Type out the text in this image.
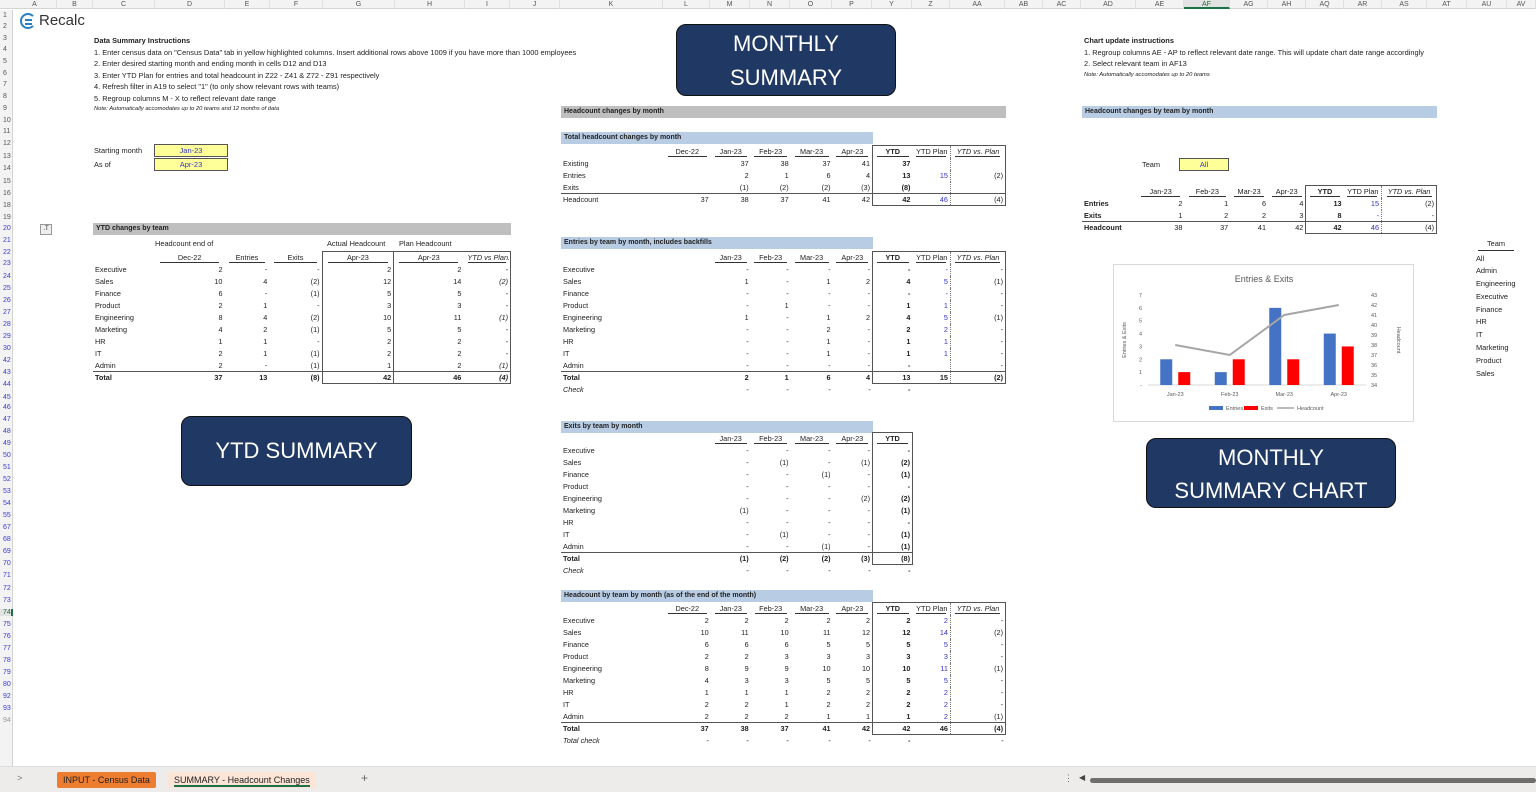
A	B	C	D	E	F	G	H	I	J	K	L	M	N	O	P	Y	Z	AA	AB	AC	AD	AE	AF	AG	AH	AQ	AR	AS	AT	AU	AV
1
2
3
4
5
6
7
8
9
10
11
12
13
14
15
16
18
19
20
21
22
23
24
25
26
27
28
29
30
42
43
44
45
46
47
48
49
50
51
52
53
54
55
67
68
69
70
71
72
73
74
75
76
77
78
79
80
92
93
94
Recalc
Data Summary Instructions
1. Enter census data on "Census Data" tab in yellow highlighted columns. Insert additional rows above 1009 if you have more than 1000 employees
2. Enter desired starting month and ending month in cells D12 and D13
3. Enter YTD Plan for entries and total headcount in Z22 - Z41 & Z72 - Z91 respectively
4. Refresh filter in A19 to select "1" (to only show relevant rows with teams)
5. Regroup columns M - X to reflect relevant date range
Note: Automatically accomodates up to 20 teams and 12 months of data
Starting month	Jan-23
As of	Apr-23
.T	YTD changes by team
Headcount end of	Actual Headcount Plan Headcount
	Dec-22	Entries	Exits	Apr-23	Apr-23	YTD vs Plan.
Executive	2	-	-	2	2	-
Sales	10	4	(2)	12	14	(2)
Finance	6	-	(1)	5	5	-
Product	2	1	-	3	3	-
Engineering	8	4	(2)	10	11	(1)
Marketing	4	2	(1)	5	5	-
HR	1	1	-	2	2	-
IT	2	1	(1)	2	2	-
Admin	2	-	(1)	1	2	(1)
Total	37	13	(8)	42	46	(4)
YTD SUMMARY
MONTHLY
SUMMARY
Headcount changes by month
Total headcount changes by month
	Dec-22	Jan-23	Feb-23	Mar-23	Apr-23	YTD	YTD Plan	YTD vs. Plan
Existing		37	38	37	41	37		
Entries		2	1	6	4	13	15	(2)
Exits		(1)	(2)	(2)	(3)	(8)		
Headcount	37	38	37	41	42	42	46	(4)
Entries by team by month, includes backfills
	Jan-23	Feb-23	Mar-23	Apr-23	YTD	YTD Plan	YTD vs. Plan
Executive	-	-	-	-	-	-	-
Sales	1	-	1	2	4	5	(1)
Finance	-	-	-	-	-	-	-
Product	-	1	-	-	1	1	-
Engineering	1	-	1	2	4	5	(1)
Marketing	-	-	2	-	2	2	-
HR	-	-	1	-	1	1	-
IT	-	-	1	-	1	1	-
Admin	-	-	-	-	-		-
Total	2	1	6	4	13	15	(2)
Check	-	-	-	-	-		
Exits by team by month
	Jan-23	Feb-23	Mar-23	Apr-23	YTD
Executive	-	-	-	-	-
Sales	-	(1)	-	(1)	(2)
Finance	-	-	(1)	-	(1)
Product	-	-	-	-	-
Engineering	-	-	-	(2)	(2)
Marketing	(1)	-	-	-	(1)
HR	-	-	-	-	-
IT	-	(1)	-	-	(1)
Admin	-	-	(1)	-	(1)
Total	(1)	(2)	(2)	(3)	(8)
Check	-	-	-	-	-
Headcount by team by month (as of the end of the month)
	Dec-22	Jan-23	Feb-23	Mar-23	Apr-23	YTD	YTD Plan	YTD vs. Plan
Executive	2	2	2	2	2	2	2	-
Sales	10	11	10	11	12	12	14	(2)
Finance	6	6	6	5	5	5	5	-
Product	2	2	3	3	3	3	3	-
Engineering	8	9	9	10	10	10	11	(1)
Marketing	4	3	3	5	5	5	5	-
HR	1	1	1	2	2	2	2	-
IT	2	2	1	2	2	2	2	-
Admin	2	2	2	1	1	1	2	(1)
Total	37	38	37	41	42	42	46	(4)
Total check	-	-	-	-	-	-		-
Chart update instructions
1. Regroup columns AE - AP to reflect relevant date range. This will update chart date range accordingly
2. Select relevant team in AF13
Note: Automatically accomodates up to 20 teams
Headcount changes by team by month
Team	All
	Jan-23	Feb-23	Mar-23	Apr-23	YTD	YTD Plan	YTD vs. Plan
Entries	2	1	6	4	13	15	(2)
Exits	1	2	2	3	8	-	-
Headcount	38	37	41	42	42	46	(4)
Team
All
Admin
Engineering
Executive
Finance
HR
IT
Marketing
Product
Sales
Entries & Exits
-
1
2
3
4
5
6
7
34
35
36
37
38
39
40
41
42
43
Entries & Exits	Headcount
Jan-23	Feb-23	Mar-23	Apr-23
Entries	Exits	Headcount
MONTHLY
SUMMARY CHART
>	INPUT - Census Data	SUMMARY - Headcount Changes	+	⋮ ◀
